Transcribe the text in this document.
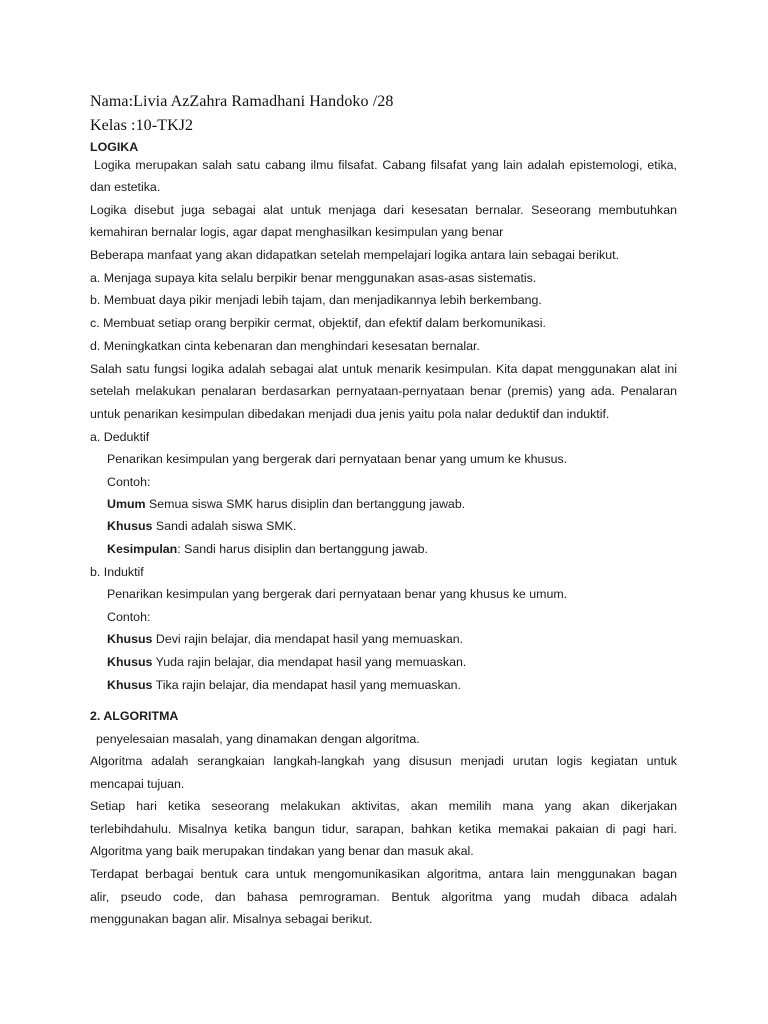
Nama:Livia AzZahra Ramadhani Handoko /28
Kelas :10-TKJ2
LOGIKA
Logika merupakan salah satu cabang ilmu filsafat. Cabang filsafat yang lain adalah epistemologi, etika,
dan estetika.
Logika disebut juga sebagai alat untuk menjaga dari kesesatan bernalar. Seseorang membutuhkan
kemahiran bernalar logis, agar dapat menghasilkan kesimpulan yang benar
Beberapa manfaat yang akan didapatkan setelah mempelajari logika antara lain sebagai berikut.
a. Menjaga supaya kita selalu berpikir benar menggunakan asas-asas sistematis.
b. Membuat daya pikir menjadi lebih tajam, dan menjadikannya lebih berkembang.
c. Membuat setiap orang berpikir cermat, objektif, dan efektif dalam berkomunikasi.
d. Meningkatkan cinta kebenaran dan menghindari kesesatan bernalar.
Salah satu fungsi logika adalah sebagai alat untuk menarik kesimpulan. Kita dapat menggunakan alat ini
setelah melakukan penalaran berdasarkan pernyataan-pernyataan benar (premis) yang ada. Penalaran
untuk penarikan kesimpulan dibedakan menjadi dua jenis yaitu pola nalar deduktif dan induktif.
a. Deduktif
Penarikan kesimpulan yang bergerak dari pernyataan benar yang umum ke khusus.
Contoh:
Umum Semua siswa SMK harus disiplin dan bertanggung jawab.
Khusus Sandi adalah siswa SMK.
Kesimpulan: Sandi harus disiplin dan bertanggung jawab.
b. Induktif
Penarikan kesimpulan yang bergerak dari pernyataan benar yang khusus ke umum.
Contoh:
Khusus Devi rajin belajar, dia mendapat hasil yang memuaskan.
Khusus Yuda rajin belajar, dia mendapat hasil yang memuaskan.
Khusus Tika rajin belajar, dia mendapat hasil yang memuaskan.
2. ALGORITMA
penyelesaian masalah, yang dinamakan dengan algoritma.
Algoritma adalah serangkaian langkah-langkah yang disusun menjadi urutan logis kegiatan untuk
mencapai tujuan.
Setiap hari ketika seseorang melakukan aktivitas, akan memilih mana yang akan dikerjakan
terlebihdahulu. Misalnya ketika bangun tidur, sarapan, bahkan ketika memakai pakaian di pagi hari.
Algoritma yang baik merupakan tindakan yang benar dan masuk akal.
Terdapat berbagai bentuk cara untuk mengomunikasikan algoritma, antara lain menggunakan bagan
alir, pseudo code, dan bahasa pemrograman. Bentuk algoritma yang mudah dibaca adalah
menggunakan bagan alir. Misalnya sebagai berikut.
